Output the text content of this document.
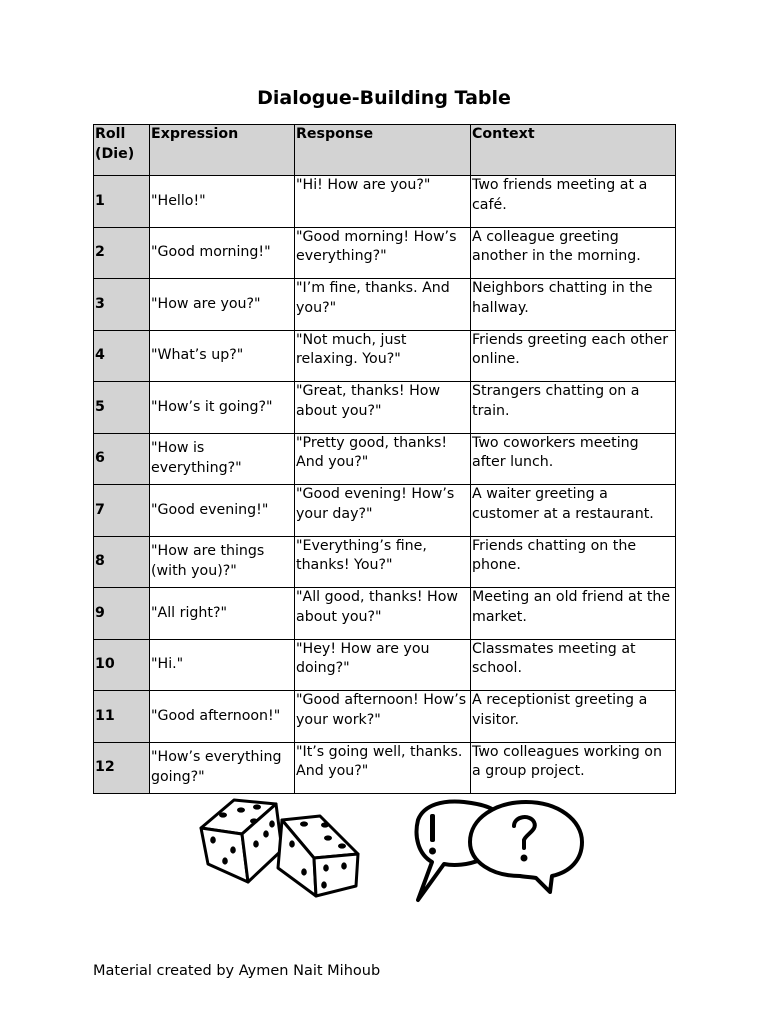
Dialogue-Building Table
Roll (Die)	Expression	Response	Context
1	"Hello!"	"Hi! How are you?"	Two friends meeting at a café.
2	"Good morning!"	"Good morning! How’s everything?"	A colleague greeting another in the morning.
3	"How are you?"	"I’m fine, thanks. And you?"	Neighbors chatting in the hallway.
4	"What’s up?"	"Not much, just relaxing. You?"	Friends greeting each other online.
5	"How’s it going?"	"Great, thanks! How about you?"	Strangers chatting on a train.
6	"How is everything?"	"Pretty good, thanks! And you?"	Two coworkers meeting after lunch.
7	"Good evening!"	"Good evening! How’s your day?"	A waiter greeting a customer at a restaurant.
8	"How are things (with you)?"	"Everything’s fine, thanks! You?"	Friends chatting on the phone.
9	"All right?"	"All good, thanks! How about you?"	Meeting an old friend at the market.
10	"Hi."	"Hey! How are you doing?"	Classmates meeting at school.
11	"Good afternoon!"	"Good afternoon! How’s your work?"	A receptionist greeting a visitor.
12	"How’s everything going?"	"It’s going well, thanks. And you?"	Two colleagues working on a group project.
Material created by Aymen Nait Mihoub
